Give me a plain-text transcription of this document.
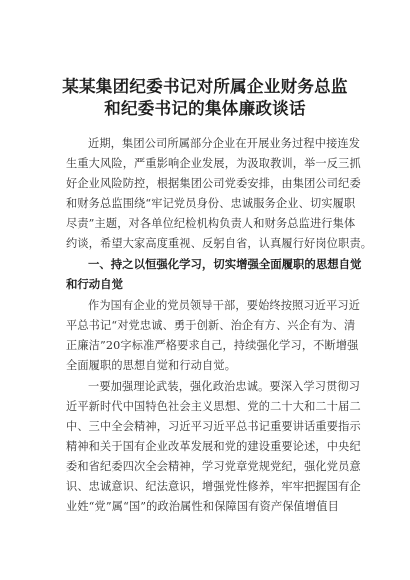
某某集团纪委书记对所属企业财务总监
和纪委书记的集体廉政谈话

近期，集团公司所属部分企业在开展业务过程中接连发

生重大风险，严重影响企业发展，为汲取教训，举一反三抓

好企业风险防控，根据集团公司党委安排，由集团公司纪委

和财务总监围绕“牢记党员身份、忠诚服务企业、切实履职

尽责”主题，对各单位纪检机构负责人和财务总监进行集体

约谈，希望大家高度重视、反躬自省，认真履行好岗位职责。

一、持之以恒强化学习，切实增强全面履职的思想自觉
和行动自觉

作为国有企业的党员领导干部，要始终按照习近平习近

平总书记“对党忠诚、勇于创新、治企有方、兴企有为、清

正廉洁”20字标准严格要求自己，持续强化学习，不断增强

全面履职的思想自觉和行动自觉。

一要加强理论武装，强化政治忠诚。要深入学习贯彻习

近平新时代中国特色社会主义思想、党的二十大和二十届二

中、三中全会精神，习近平习近平总书记重要讲话重要指示

精神和关于国有企业改革发展和党的建设重要论述，中央纪

委和省纪委四次全会精神，学习党章党规党纪，强化党员意

识、忠诚意识、纪法意识，增强党性修养，牢牢把握国有企

业姓“党”属“国”的政治属性和保障国有资产保值增值目
